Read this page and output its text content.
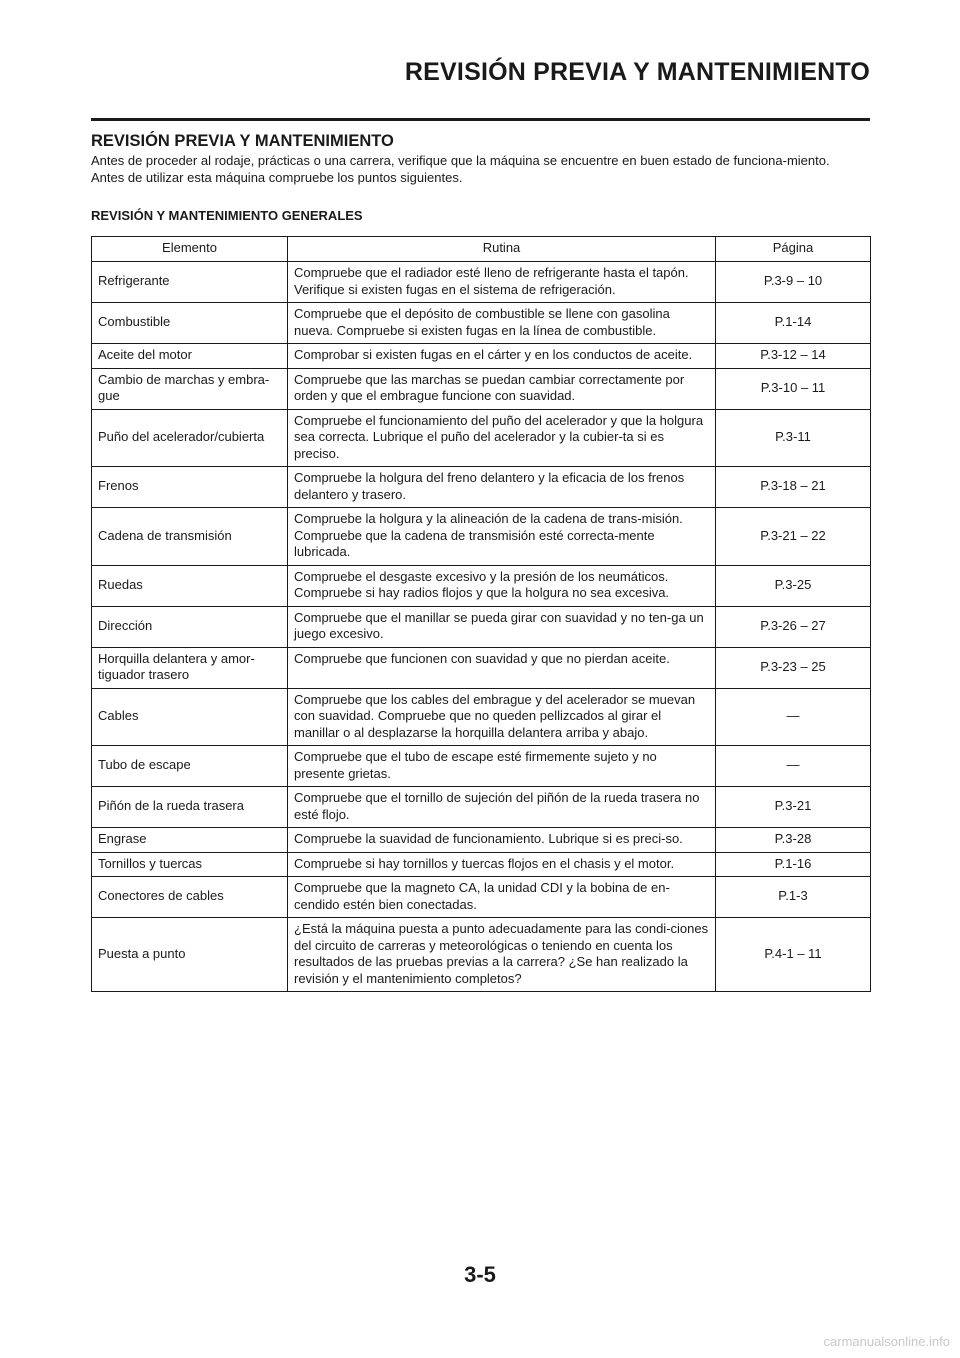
REVISIÓN PREVIA Y MANTENIMIENTO
REVISIÓN PREVIA Y MANTENIMIENTO

Antes de proceder al rodaje, prácticas o una carrera, verifique que la máquina se encuentre en buen estado de funciona-miento.

Antes de utilizar esta máquina compruebe los puntos siguientes.

REVISIÓN Y MANTENIMIENTO GENERALES
Elemento	Rutina	Página
Refrigerante	Compruebe que el radiador esté lleno de refrigerante hasta el tapón. Verifique si existen fugas en el sistema de refrigeración.	P.3-9 – 10
Combustible	Compruebe que el depósito de combustible se llene con gasolina nueva. Compruebe si existen fugas en la línea de combustible.	P.1-14
Aceite del motor	Comprobar si existen fugas en el cárter y en los conductos de aceite.	P.3-12 – 14
Cambio de marchas y embra-gue	Compruebe que las marchas se puedan cambiar correctamente por orden y que el embrague funcione con suavidad.	P.3-10 – 11
Puño del acelerador/cubierta	Compruebe el funcionamiento del puño del acelerador y que la holgura sea correcta. Lubrique el puño del acelerador y la cubier-ta si es preciso.	P.3-11
Frenos	Compruebe la holgura del freno delantero y la eficacia de los frenos delantero y trasero.	P.3-18 – 21
Cadena de transmisión	Compruebe la holgura y la alineación de la cadena de trans-misión. Compruebe que la cadena de transmisión esté correcta-mente lubricada.	P.3-21 – 22
Ruedas	Compruebe el desgaste excesivo y la presión de los neumáticos. Compruebe si hay radios flojos y que la holgura no sea excesiva.	P.3-25
Dirección	Compruebe que el manillar se pueda girar con suavidad y no ten-ga un juego excesivo.	P.3-26 – 27
Horquilla delantera y amor-tiguador trasero	Compruebe que funcionen con suavidad y que no pierdan aceite.	P.3-23 – 25
Cables	Compruebe que los cables del embrague y del acelerador se muevan con suavidad. Compruebe que no queden pellizcados al girar el manillar o al desplazarse la horquilla delantera arriba y abajo.	—
Tubo de escape	Compruebe que el tubo de escape esté firmemente sujeto y no presente grietas.	—
Piñón de la rueda trasera	Compruebe que el tornillo de sujeción del piñón de la rueda trasera no esté flojo.	P.3-21
Engrase	Compruebe la suavidad de funcionamiento. Lubrique si es preci-so.	P.3-28
Tornillos y tuercas	Compruebe si hay tornillos y tuercas flojos en el chasis y el motor.	P.1-16
Conectores de cables	Compruebe que la magneto CA, la unidad CDI y la bobina de en-cendido estén bien conectadas.	P.1-3
Puesta a punto	¿Está la máquina puesta a punto adecuadamente para las condi-ciones del circuito de carreras y meteorológicas o teniendo en cuenta los resultados de las pruebas previas a la carrera? ¿Se han realizado la revisión y el mantenimiento completos?	P.4-1 – 11
3-5
carmanualsonline.info
